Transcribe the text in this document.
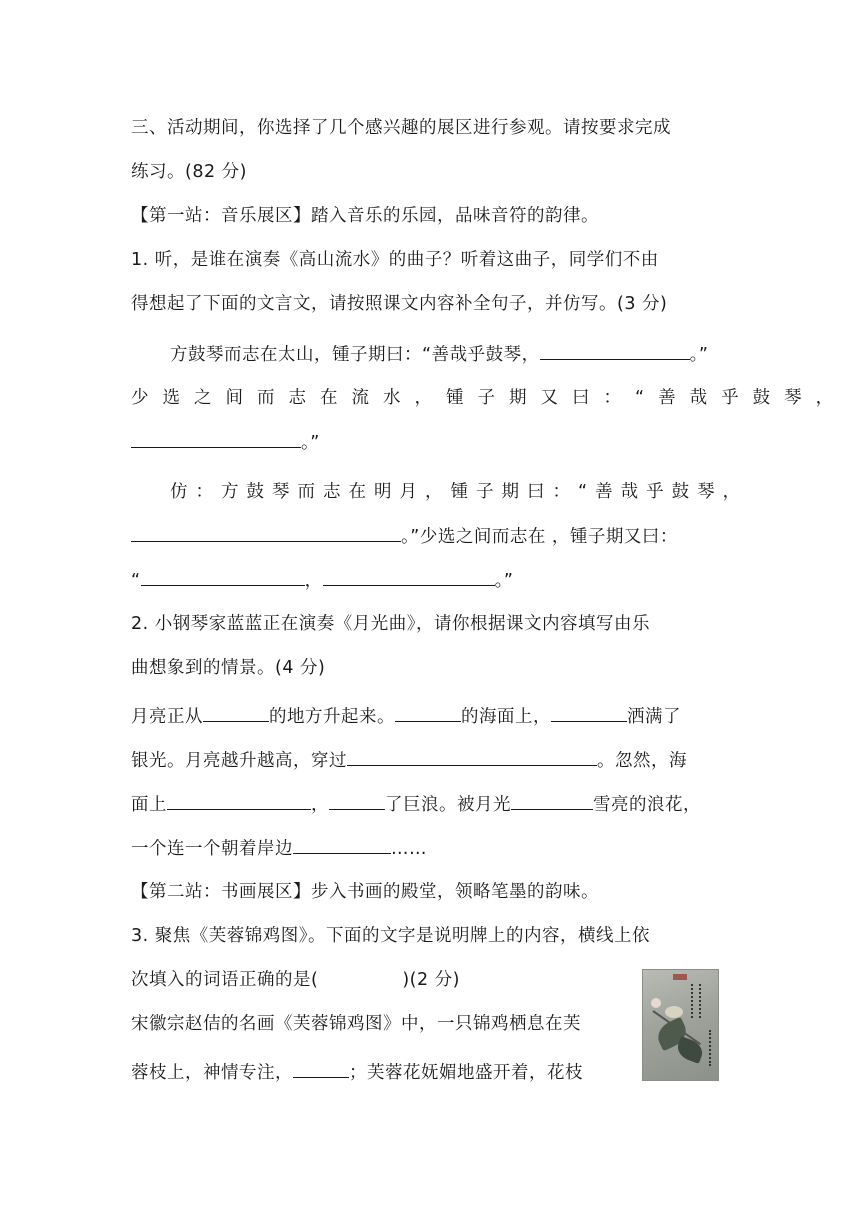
三、活动期间，你选择了几个感兴趣的展区进行参观。请按要求完成
练习。(82 分)
【第一站：音乐展区】踏入音乐的乐园，品味音符的韵律。
1. 听，是谁在演奏《高山流水》的曲子？听着这曲子，同学们不由
得想起了下面的文言文，请按照课文内容补全句子，并仿写。(3 分)
方鼓琴而志在太山，锺子期曰：“善哉乎鼓琴，	。”
少选之间而志在流水，锺子期又曰：“善哉乎鼓琴，
。”
仿：方鼓琴而志在明月，锺子期曰：“善哉乎鼓琴，
。”少选之间而志在 ，锺子期又曰：
“	，	。”
2. 小钢琴家蓝蓝正在演奏《月光曲》，请你根据课文内容填写由乐
曲想象到的情景。(4 分)
月亮正从	的地方升起来。	的海面上，	洒满了
银光。月亮越升越高，穿过	。忽然，海
面上	，	了巨浪。被月光	雪亮的浪花，
一个连一个朝着岸边	……
【第二站：书画展区】步入书画的殿堂，领略笔墨的韵味。
3. 聚焦《芙蓉锦鸡图》。下面的文字是说明牌上的内容，横线上依
次填入的词语正确的是(	)(2 分)
宋徽宗赵佶的名画《芙蓉锦鸡图》中，一只锦鸡栖息在芙
蓉枝上，神情专注，	；芙蓉花妩媚地盛开着，花枝
